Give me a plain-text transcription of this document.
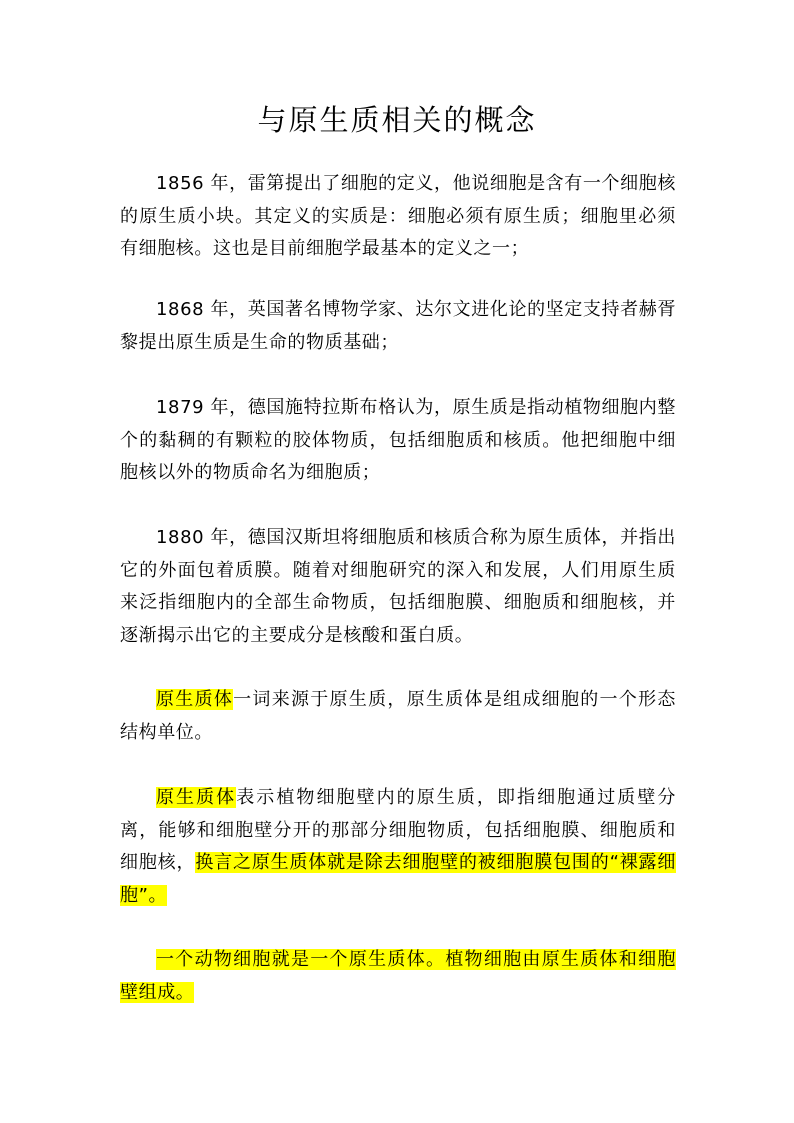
与原生质相关的概念

1856 年，雷第提出了细胞的定义，他说细胞是含有一个细胞核的原生质小块。其定义的实质是：细胞必须有原生质；细胞里必须有细胞核。这也是目前细胞学最基本的定义之一；

1868 年，英国著名博物学家、达尔文进化论的坚定支持者赫胥黎提出原生质是生命的物质基础；

1879 年，德国施特拉斯布格认为，原生质是指动植物细胞内整个的黏稠的有颗粒的胶体物质，包括细胞质和核质。他把细胞中细胞核以外的物质命名为细胞质；

1880 年，德国汉斯坦将细胞质和核质合称为原生质体，并指出它的外面包着质膜。随着对细胞研究的深入和发展，人们用原生质来泛指细胞内的全部生命物质，包括细胞膜、细胞质和细胞核，并逐渐揭示出它的主要成分是核酸和蛋白质。

原生质体一词来源于原生质，原生质体是组成细胞的一个形态结构单位。

原生质体表示植物细胞壁内的原生质，即指细胞通过质壁分离，能够和细胞壁分开的那部分细胞物质，包括细胞膜、细胞质和细胞核，换言之原生质体就是除去细胞壁的被细胞膜包围的“裸露细胞”。

一个动物细胞就是一个原生质体。植物细胞由原生质体和细胞壁组成。
